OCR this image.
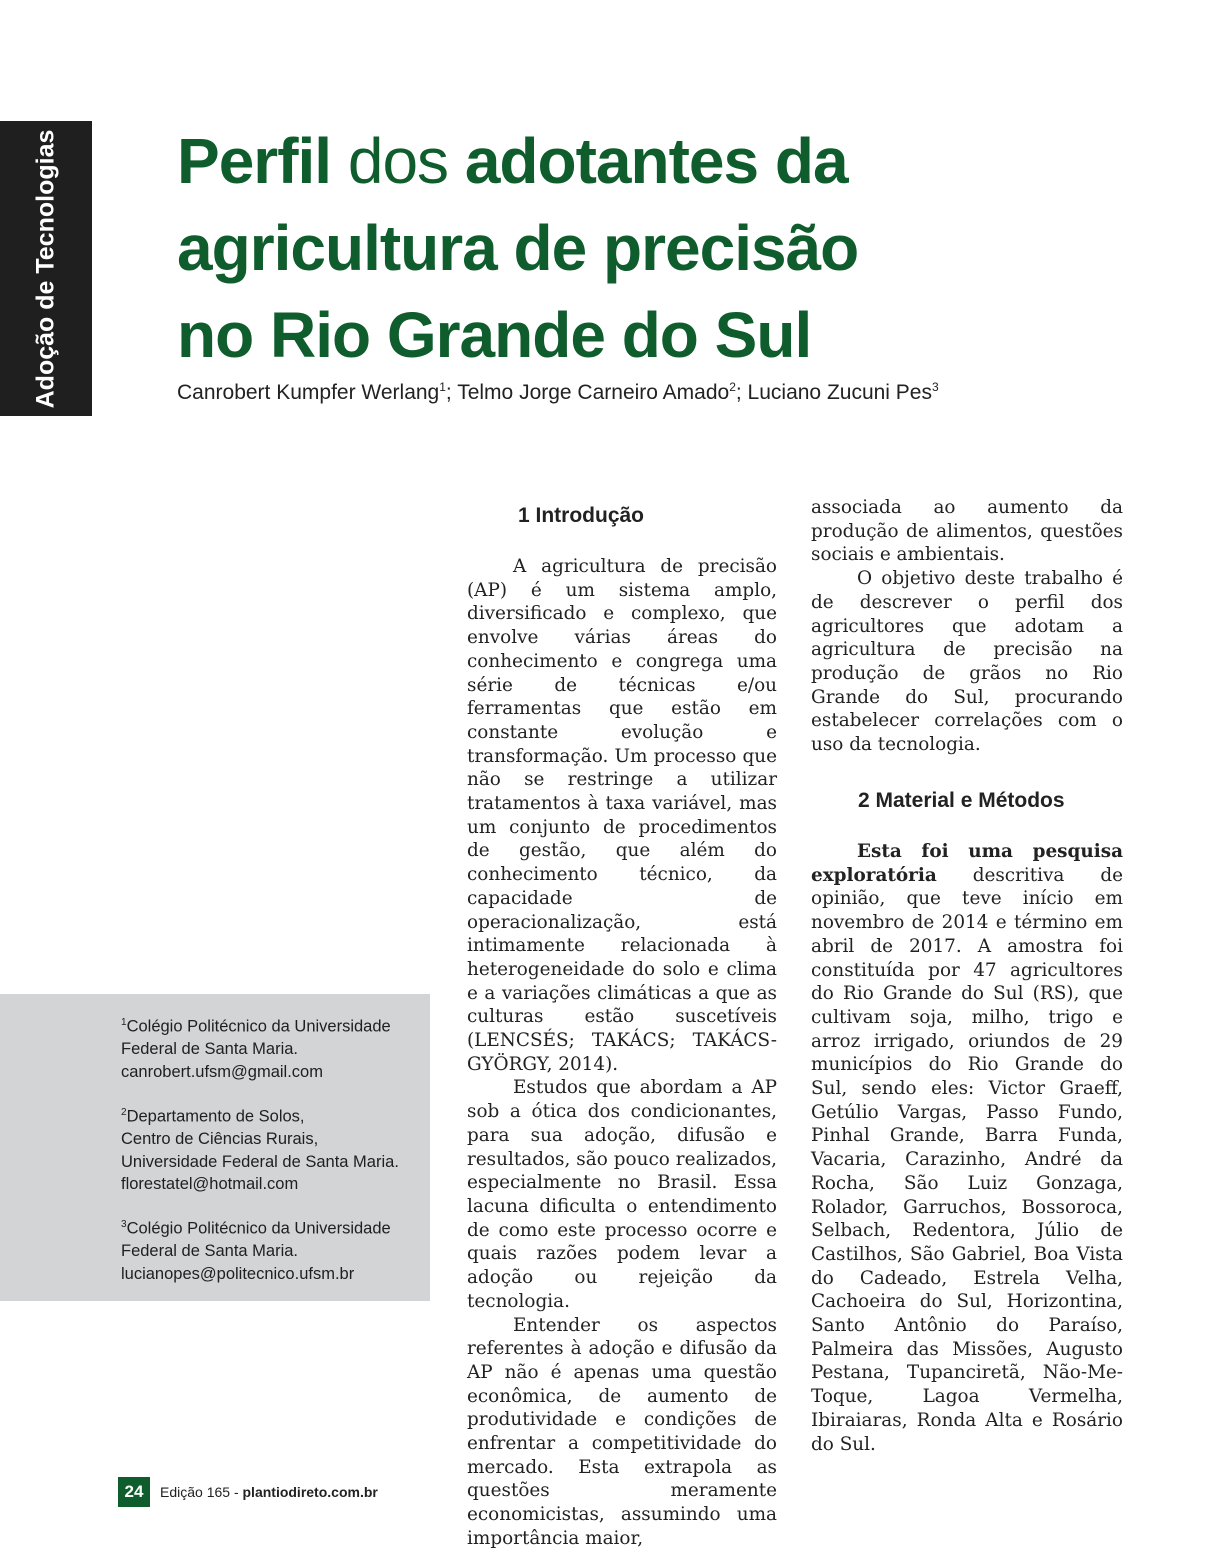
Adoção de Tecnologias Perfil dos adotantes da
agricultura de precisão
no Rio Grande do Sul
Canrobert Kumpfer Werlang$^1$; Telmo Jorge Carneiro Amado$^2$; Luciano Zucuni Pes$^3$
$^1$Colégio Politécnico da Universidade
Federal de Santa Maria.
canrobert.ufsm@gmail.com
$^2$Departamento de Solos,
Centro de Ciências Rurais,
Universidade Federal de Santa Maria.
florestatel@hotmail.com
$^3$Colégio Politécnico da Universidade
Federal de Santa Maria.
lucianopes@politecnico.ufsm.br
1 Introdução

A agricultura de precisão (AP) é um sistema amplo, diversificado e complexo, que envolve várias áreas do conhecimento e congrega uma série de técnicas e/ou ferramentas que estão em constante evolução e transformação. Um processo que não se restringe a utilizar tratamentos à taxa variável, mas um conjunto de procedimentos de gestão, que além do conhecimento técnico, da capacidade de operacionalização, está intimamente relacionada à heterogeneidade do solo e clima e a variações climáticas a que as culturas estão suscetíveis (LENCSÉS; TAKÁCS; TAKÁCS-GYÖRGY, 2014).

Estudos que abordam a AP sob a ótica dos condicionantes, para sua adoção, difusão e resultados, são pouco realizados, especialmente no Brasil. Essa lacuna dificulta o entendimento de como este processo ocorre e quais razões podem levar a adoção ou rejeição da tecnologia.

Entender os aspectos referentes à adoção e difusão da AP não é apenas uma questão econômica, de aumento de produtividade e condições de enfrentar a competitividade do mercado. Esta extrapola as questões meramente economicistas, assumindo uma importância maior,

associada ao aumento da produção de alimentos, questões sociais e ambientais.

O objetivo deste trabalho é de descrever o perfil dos agricultores que adotam a agricultura de precisão na produção de grãos no Rio Grande do Sul, procurando estabelecer correlações com o uso da tecnologia.

2 Material e Métodos

Esta foi uma pesquisa exploratória descritiva de opinião, que teve início em novembro de 2014 e término em abril de 2017. A amostra foi constituída por 47 agricultores do Rio Grande do Sul (RS), que cultivam soja, milho, trigo e arroz irrigado, oriundos de 29 municípios do Rio Grande do Sul, sendo eles: Victor Graeff, Getúlio Vargas, Passo Fundo, Pinhal Grande, Barra Funda, Vacaria, Carazinho, André da Rocha, São Luiz Gonzaga, Rolador, Garruchos, Bossoroca, Selbach, Redentora, Júlio de Castilhos, São Gabriel, Boa Vista do Cadeado, Estrela Velha, Cachoeira do Sul, Horizontina, Santo Antônio do Paraíso, Palmeira das Missões, Augusto Pestana, Tupanciretã, Não-Me-Toque, Lagoa Vermelha, Ibiraiaras, Ronda Alta e Rosário do Sul.

24	Edição 165 - plantiodireto.com.br
